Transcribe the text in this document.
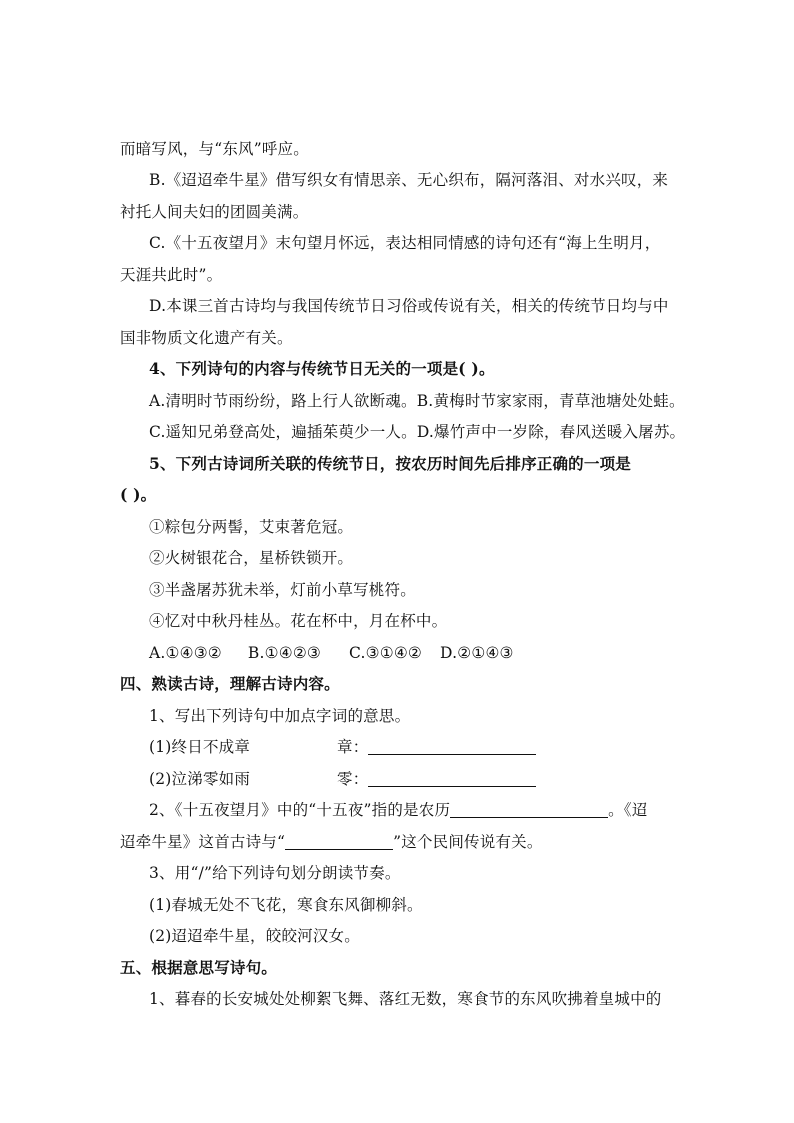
而暗写风，与“东风”呼应。
B.《迢迢牵牛星》借写织女有情思亲、无心织布，隔河落泪、对水兴叹，来
衬托人间夫妇的团圆美满。
C.《十五夜望月》末句望月怀远，表达相同情感的诗句还有“海上生明月，
天涯共此时”。
D.本课三首古诗均与我国传统节日习俗或传说有关，相关的传统节日均与中
国非物质文化遗产有关。
4、下列诗句的内容与传统节日无关的一项是( )。
A.清明时节雨纷纷，路上行人欲断魂。B.黄梅时节家家雨，青草池塘处处蛙。
C.遥知兄弟登高处，遍插茱萸少一人。D.爆竹声中一岁除，春风送暖入屠苏。
5、下列古诗词所关联的传统节日，按农历时间先后排序正确的一项是
( )。
①粽包分两髻，艾束著危冠。
②火树银花合，星桥铁锁开。
③半盏屠苏犹未举，灯前小草写桃符。
④忆对中秋丹桂丛。花在杯中，月在杯中。
A.①④③② B.①④②③ C.③①④② D.②①④③
四、熟读古诗，理解古诗内容。
1、写出下列诗句中加点字词的意思。
(1)终日不成章	章：
(2)泣涕零如雨	零：
2、《十五夜望月》中的“十五夜”指的是农历	。《迢
迢牵牛星》这首古诗与“	”这个民间传说有关。
3、用“/”给下列诗句划分朗读节奏。
(1)春城无处不飞花，寒食东风御柳斜。
(2)迢迢牵牛星，皎皎河汉女。
五、根据意思写诗句。
1、暮春的长安城处处柳絮飞舞、落红无数，寒食节的东风吹拂着皇城中的
